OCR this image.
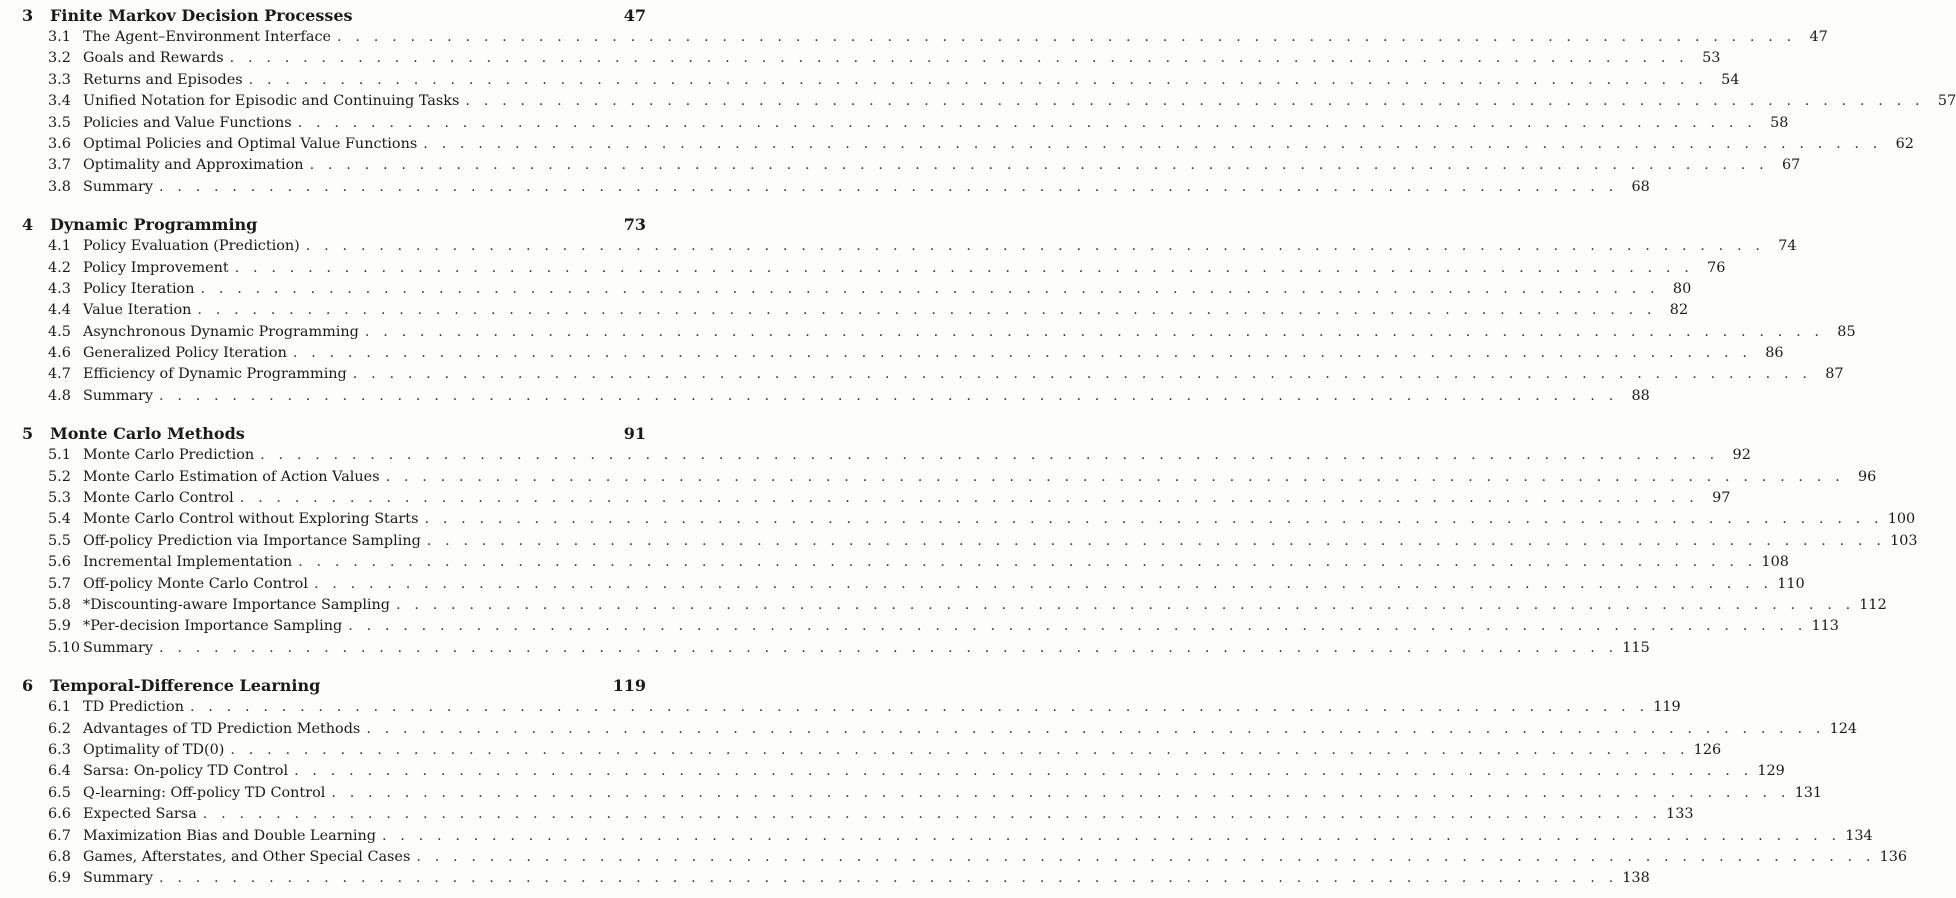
3	Finite Markov Decision Processes	47
3.1 The Agent–Environment Interface . . . . . . . . . . . . . . . . . . . . . . . . . . . . . . . . . . . . . . . . . . . . . . . . . . . . . . . . . . . . . . . . . . . . . . . . . . . . . . . . 47
3.2 Goals and Rewards . . . . . . . . . . . . . . . . . . . . . . . . . . . . . . . . . . . . . . . . . . . . . . . . . . . . . . . . . . . . . . . . . . . . . . . . . . . . . . . . 53
3.3 Returns and Episodes . . . . . . . . . . . . . . . . . . . . . . . . . . . . . . . . . . . . . . . . . . . . . . . . . . . . . . . . . . . . . . . . . . . . . . . . . . . . . . . . 54
3.4 Unified Notation for Episodic and Continuing Tasks . . . . . . . . . . . . . . . . . . . . . . . . . . . . . . . . . . . . . . . . . . . . . . . . . . . . . . . . . . . . . . . . . . . . . . . . . . . . . . . . 57
3.5 Policies and Value Functions . . . . . . . . . . . . . . . . . . . . . . . . . . . . . . . . . . . . . . . . . . . . . . . . . . . . . . . . . . . . . . . . . . . . . . . . . . . . . . . . 58
3.6 Optimal Policies and Optimal Value Functions . . . . . . . . . . . . . . . . . . . . . . . . . . . . . . . . . . . . . . . . . . . . . . . . . . . . . . . . . . . . . . . . . . . . . . . . . . . . . . . . 62
3.7 Optimality and Approximation . . . . . . . . . . . . . . . . . . . . . . . . . . . . . . . . . . . . . . . . . . . . . . . . . . . . . . . . . . . . . . . . . . . . . . . . . . . . . . . . 67
3.8 Summary . . . . . . . . . . . . . . . . . . . . . . . . . . . . . . . . . . . . . . . . . . . . . . . . . . . . . . . . . . . . . . . . . . . . . . . . . . . . . . . . 68
4	Dynamic Programming	73
4.1 Policy Evaluation (Prediction) . . . . . . . . . . . . . . . . . . . . . . . . . . . . . . . . . . . . . . . . . . . . . . . . . . . . . . . . . . . . . . . . . . . . . . . . . . . . . . . . 74
4.2 Policy Improvement . . . . . . . . . . . . . . . . . . . . . . . . . . . . . . . . . . . . . . . . . . . . . . . . . . . . . . . . . . . . . . . . . . . . . . . . . . . . . . . . 76
4.3 Policy Iteration . . . . . . . . . . . . . . . . . . . . . . . . . . . . . . . . . . . . . . . . . . . . . . . . . . . . . . . . . . . . . . . . . . . . . . . . . . . . . . . . 80
4.4 Value Iteration . . . . . . . . . . . . . . . . . . . . . . . . . . . . . . . . . . . . . . . . . . . . . . . . . . . . . . . . . . . . . . . . . . . . . . . . . . . . . . . . 82
4.5 Asynchronous Dynamic Programming . . . . . . . . . . . . . . . . . . . . . . . . . . . . . . . . . . . . . . . . . . . . . . . . . . . . . . . . . . . . . . . . . . . . . . . . . . . . . . . . 85
4.6 Generalized Policy Iteration . . . . . . . . . . . . . . . . . . . . . . . . . . . . . . . . . . . . . . . . . . . . . . . . . . . . . . . . . . . . . . . . . . . . . . . . . . . . . . . . 86
4.7 Efficiency of Dynamic Programming . . . . . . . . . . . . . . . . . . . . . . . . . . . . . . . . . . . . . . . . . . . . . . . . . . . . . . . . . . . . . . . . . . . . . . . . . . . . . . . . 87
4.8 Summary . . . . . . . . . . . . . . . . . . . . . . . . . . . . . . . . . . . . . . . . . . . . . . . . . . . . . . . . . . . . . . . . . . . . . . . . . . . . . . . . 88
5	Monte Carlo Methods	91
5.1 Monte Carlo Prediction . . . . . . . . . . . . . . . . . . . . . . . . . . . . . . . . . . . . . . . . . . . . . . . . . . . . . . . . . . . . . . . . . . . . . . . . . . . . . . . . 92
5.2 Monte Carlo Estimation of Action Values . . . . . . . . . . . . . . . . . . . . . . . . . . . . . . . . . . . . . . . . . . . . . . . . . . . . . . . . . . . . . . . . . . . . . . . . . . . . . . . . 96
5.3 Monte Carlo Control . . . . . . . . . . . . . . . . . . . . . . . . . . . . . . . . . . . . . . . . . . . . . . . . . . . . . . . . . . . . . . . . . . . . . . . . . . . . . . . . 97
5.4 Monte Carlo Control without Exploring Starts . . . . . . . . . . . . . . . . . . . . . . . . . . . . . . . . . . . . . . . . . . . . . . . . . . . . . . . . . . . . . . . . . . . . . . . . . . . . . . . . 100
5.5 Off-policy Prediction via Importance Sampling . . . . . . . . . . . . . . . . . . . . . . . . . . . . . . . . . . . . . . . . . . . . . . . . . . . . . . . . . . . . . . . . . . . . . . . . . . . . . . . . 103
5.6 Incremental Implementation . . . . . . . . . . . . . . . . . . . . . . . . . . . . . . . . . . . . . . . . . . . . . . . . . . . . . . . . . . . . . . . . . . . . . . . . . . . . . . . . 108
5.7 Off-policy Monte Carlo Control . . . . . . . . . . . . . . . . . . . . . . . . . . . . . . . . . . . . . . . . . . . . . . . . . . . . . . . . . . . . . . . . . . . . . . . . . . . . . . . . 110
5.8 *Discounting-aware Importance Sampling . . . . . . . . . . . . . . . . . . . . . . . . . . . . . . . . . . . . . . . . . . . . . . . . . . . . . . . . . . . . . . . . . . . . . . . . . . . . . . . . 112
5.9 *Per-decision Importance Sampling . . . . . . . . . . . . . . . . . . . . . . . . . . . . . . . . . . . . . . . . . . . . . . . . . . . . . . . . . . . . . . . . . . . . . . . . . . . . . . . . 113
5.10 Summary . . . . . . . . . . . . . . . . . . . . . . . . . . . . . . . . . . . . . . . . . . . . . . . . . . . . . . . . . . . . . . . . . . . . . . . . . . . . . . . . 115
6	Temporal-Difference Learning	119
6.1 TD Prediction . . . . . . . . . . . . . . . . . . . . . . . . . . . . . . . . . . . . . . . . . . . . . . . . . . . . . . . . . . . . . . . . . . . . . . . . . . . . . . . . 119
6.2 Advantages of TD Prediction Methods . . . . . . . . . . . . . . . . . . . . . . . . . . . . . . . . . . . . . . . . . . . . . . . . . . . . . . . . . . . . . . . . . . . . . . . . . . . . . . . . 124
6.3 Optimality of TD(0) . . . . . . . . . . . . . . . . . . . . . . . . . . . . . . . . . . . . . . . . . . . . . . . . . . . . . . . . . . . . . . . . . . . . . . . . . . . . . . . . 126
6.4 Sarsa: On-policy TD Control . . . . . . . . . . . . . . . . . . . . . . . . . . . . . . . . . . . . . . . . . . . . . . . . . . . . . . . . . . . . . . . . . . . . . . . . . . . . . . . . 129
6.5 Q-learning: Off-policy TD Control . . . . . . . . . . . . . . . . . . . . . . . . . . . . . . . . . . . . . . . . . . . . . . . . . . . . . . . . . . . . . . . . . . . . . . . . . . . . . . . . 131
6.6 Expected Sarsa . . . . . . . . . . . . . . . . . . . . . . . . . . . . . . . . . . . . . . . . . . . . . . . . . . . . . . . . . . . . . . . . . . . . . . . . . . . . . . . . 133
6.7 Maximization Bias and Double Learning . . . . . . . . . . . . . . . . . . . . . . . . . . . . . . . . . . . . . . . . . . . . . . . . . . . . . . . . . . . . . . . . . . . . . . . . . . . . . . . . 134
6.8 Games, Afterstates, and Other Special Cases . . . . . . . . . . . . . . . . . . . . . . . . . . . . . . . . . . . . . . . . . . . . . . . . . . . . . . . . . . . . . . . . . . . . . . . . . . . . . . . . 136
6.9 Summary . . . . . . . . . . . . . . . . . . . . . . . . . . . . . . . . . . . . . . . . . . . . . . . . . . . . . . . . . . . . . . . . . . . . . . . . . . . . . . . . 138
